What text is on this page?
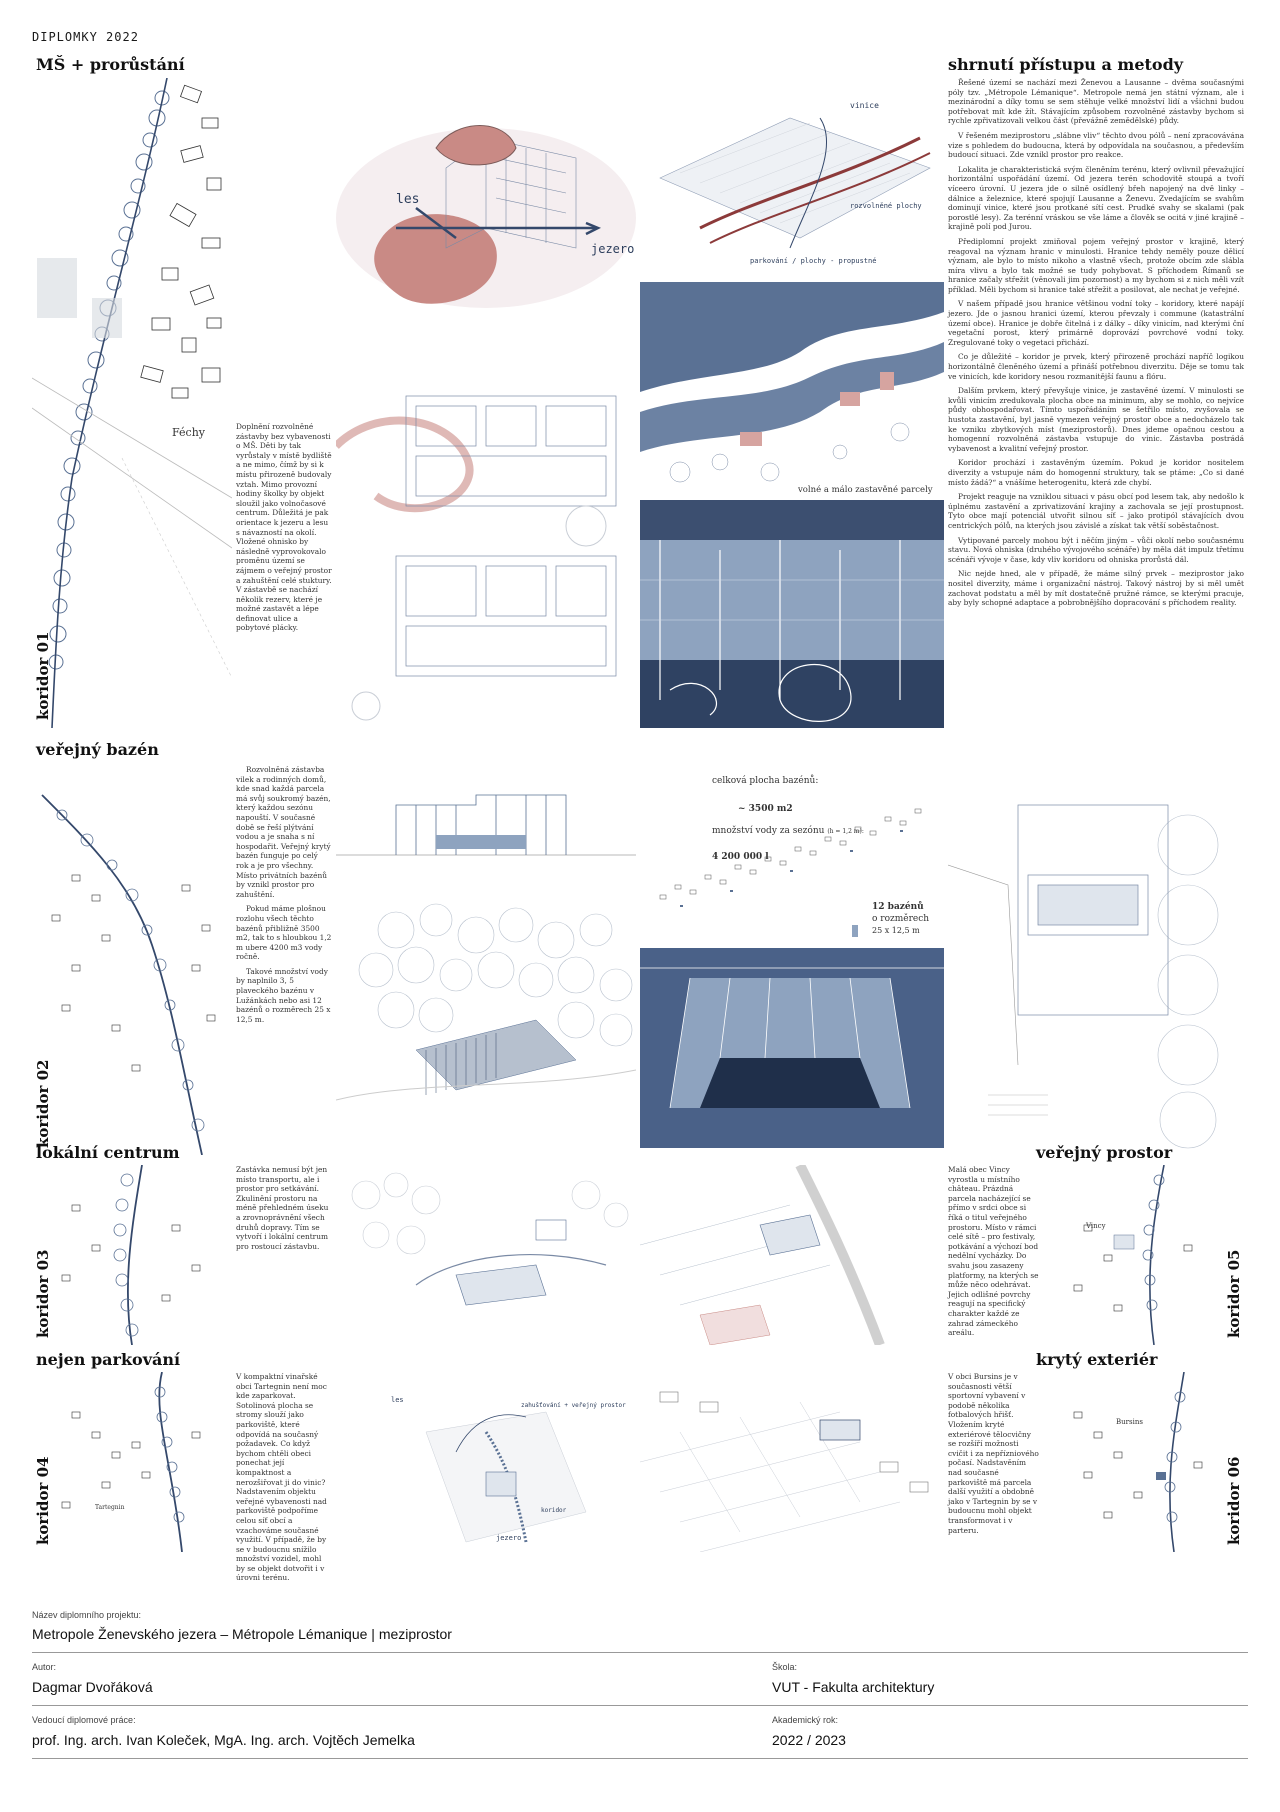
DIPLOMKY 2022
MŠ + prorůstání
Féchy
koridor 01
Doplnění rozvolněné zástavby bez vybavenosti o MŠ. Děti by tak vyrůstaly v místě bydliště a ne mimo, čímž by si k místu přirozeně budovaly vztah. Mimo provozní hodiny školky by objekt sloužil jako volnočasové centrum. Důležitá je pak orientace k jezeru a lesu s návazností na okolí. Vložené ohnisko by následně vyprovokovalo proměnu území se zájmem o veřejný prostor a zahuštění celé stuktury. V zástavbě se nachází několik rezerv, které je možné zastavět a lépe definovat ulice a pobytové plácky.
les
jezero
vinice
rozvolněné plochy
parkování / plochy - propustné
volné a málo zastavěné parcely
shrnutí přístupu a metody

Řešené území se nachází mezi Ženevou a Lausanne – dvěma současnými póly tzv. „Métropole Lémanique“. Metropole nemá jen státní význam, ale i mezinárodní a díky tomu se sem stěhuje velké množství lidí a všichni budou potřebovat mít kde žít. Stávajícím způsobem rozvolněné zástavby bychom si rychle zpřivatizovali velkou část (převážně zemědělské) půdy.

V řešeném meziprostoru „slábne vliv“ těchto dvou pólů – není zpracovávána vize s pohledem do budoucna, která by odpovídala na současnou, a především budoucí situaci. Zde vznikl prostor pro reakce.

Lokalita je charakteristická svým členěním terénu, který ovlivnil převažující horizontální uspořádání území. Od jezera terén schodovitě stoupá a tvoří víceero úrovní. U jezera jde o silně osídlený břeh napojený na dvě linky – dálnice a železnice, které spojují Lausanne a Ženevu. Zvedajícím se svahům dominují vinice, které jsou protkané sítí cest. Prudké svahy se skalami (pak porostlé lesy). Za terénní vráskou se vše láme a člověk se ocitá v jiné krajině – krajině polí pod Jurou.

Přediplomní projekt zmiňoval pojem veřejný prostor v krajině, který reagoval na význam hranic v minulosti. Hranice tehdy neměly pouze dělicí význam, ale bylo to místo nikoho a vlastně všech, protože obcím zde slábla míra vlivu a bylo tak možné se tudy pohybovat. S příchodem Římanů se hranice začaly střežit (věnovali jim pozornost) a my bychom si z nich měli vzít příklad. Měli bychom si hranice také střežit a posilovat, ale nechat je veřejné.

V našem případě jsou hranice většinou vodní toky – koridory, které napájí jezero. Jde o jasnou hranici území, kterou převzaly i commune (katastrální území obce). Hranice je dobře čitelná i z dálky – díky vinicím, nad kterými ční vegetační porost, který primárně doprovází povrchové vodní toky. Zregulované toky o vegetaci přichází.

Co je důležité – koridor je prvek, který přirozeně prochází napříč logikou horizontálně členěného území a přináší potřebnou diverzitu. Děje se tomu tak ve vinicích, kde koridory nesou rozmanitější faunu a flóru.

Dalším prvkem, který převyšuje vinice, je zastavěné území. V minulosti se kvůli vinicím zredukovala plocha obce na minimum, aby se mohlo, co nejvíce půdy obhospodařovat. Tímto uspořádáním se šetřilo místo, zvyšovala se hustota zastavění, byl jasně vymezen veřejný prostor obce a nedocházelo tak ke vzniku zbytkových míst (meziprostorů). Dnes jdeme opačnou cestou a homogenní rozvolněná zástavba vstupuje do vinic. Zástavba postrádá vybavenost a kvalitní veřejný prostor.

Koridor prochází i zastavěným územím. Pokud je koridor nositelem diverzity a vstupuje nám do homogenní struktury, tak se ptáme: „Co si dané místo žádá?“ a vnášíme heterogenitu, která zde chybí.

Projekt reaguje na vzniklou situaci v pásu obcí pod lesem tak, aby nedošlo k úplnému zastavění a zprivatizování krajiny a zachovala se její prostupnost. Tyto obce mají potenciál utvořit silnou síť – jako protipól stávajících dvou centrických pólů, na kterých jsou závislé a získat tak větší soběstačnost.

Vytipované parcely mohou být i něčím jiným – vůči okolí nebo současnému stavu. Nová ohniska (druhého vývojového scénáře) by měla dát impulz třetímu scénáři vývoje v čase, kdy vliv koridoru od ohniska prorůstá dál.

Nic nejde hned, ale v případě, že máme silný prvek – meziprostor jako nositel diverzity, máme i organizační nástroj. Takový nástroj by si měl umět zachovat podstatu a měl by mít dostatečně pružné rámce, se kterými pracuje, aby byly schopné adaptace a pobrobnějšího dopracování s příchodem reality.

veřejný bazén
koridor 02

Rozvolněná zástavba vilek a rodinných domů, kde snad každá parcela má svůj soukromý bazén, který každou sezónu napouští. V současné době se řeší plýtvání vodou a je snaha s ní hospodařit. Veřejný krytý bazén funguje po celý rok a je pro všechny. Místo privátních bazénů by vznikl prostor pro zahuštění.

Pokud máme plošnou rozlohu všech těchto bazénů přibližně 3500 m2, tak to s hloubkou 1,2 m ubere 4200 m3 vody ročně.

Takové množství vody by naplnilo 3, 5 plaveckého bazénu v Lužánkách nebo asi 12 bazénů o rozměrech 25 x 12,5 m.

celková plocha bazénů:
~ 3500 m2
množství vody za sezónu (h = 1,2 m):
4 200 000 l
12 bazénů
o rozměrech
25 x 12,5 m
lokální centrum
koridor 03
Zastávka nemusí být jen místo transportu, ale i prostor pro setkávání. Zkulinění prostoru na méně přehledném úseku a zrovnoprávnění všech druhů dopravy. Tím se vytvoří i lokální centrum pro rostoucí zástavbu.
veřejný prostor
Malá obec Vincy vyrostla u místního château. Prázdná parcela nacházející se přímo v srdci obce si říká o titul veřejného prostoru. Místo v rámci celé sítě – pro festivaly, potkávání a výchozí bod nedělní vycházky. Do svahu jsou zasazeny platformy, na kterých se může něco odehrávat. Jejich odlišné povrchy reagují na specifický charakter každé ze zahrad zámeckého areálu.
Vincy
koridor 05
nejen parkování
Tartegnin
koridor 04
V kompaktní vinařské obci Tartegnin není moc kde zaparkovat. Sotolinová plocha se stromy slouží jako parkoviště, které odpovídá na současný požadavek. Co když bychom chtěli obeci ponechat její kompaktnost a nerozšiřovat ji do vinic? Nadstavením objektu veřejné vybavenosti nad parkoviště podpoříme celou síť obcí a vzachováme současné využití. V případě, že by se v budoucnu snížilo množství vozidel, mohl by se objekt dotvořit i v úrovni terénu.
les
jezero
zahušťování + veřejný prostor
koridor
krytý exteriér
V obci Bursins je v současnosti větší sportovní vybavení v podobě několika fotbalových hřišť. Vložením kryté exteriérové tělocvičny se rozšíří možnosti cvičit i za nepřízniového počasí. Nadstavěním nad současné parkoviště má parcela další využití a obdobně jako v Tartegnin by se v budoucnu mohl objekt transformovat i v parteru.
Bursins
koridor 06
Název diplomního projektu:
Metropole Ženevského jezera – Métropole Lémanique | meziprostor
Autor:
Dagmar Dvořáková
Škola:
VUT - Fakulta architektury
Vedoucí diplomové práce:
prof. Ing. arch. Ivan Koleček, MgA. Ing. arch. Vojtěch Jemelka
Akademický rok:
2022 / 2023
